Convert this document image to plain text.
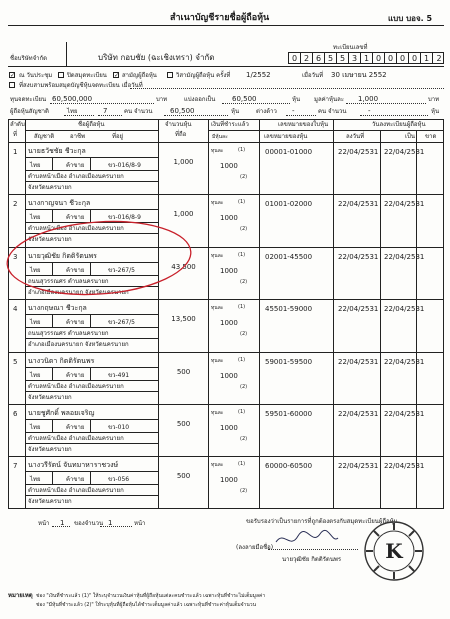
สำเนาบัญชีรายชื่อผู้ถือหุ้น	แบบ บอจ. 5
ทะเบียนเลขที่
0 2 6 5 5 3 1 0 0 0 0 1 2
ชื่อบริษัทจำกัด	บริษัท กอบชัย (ฉะเชิงเทรา) จำกัด
✓ ณ วันประชุม ปิดสมุดทะเบียน ✓ สามัญผู้ถือหุ้น	วิสามัญผู้ถือหุ้น ครั้งที่ 1/2552	เมื่อวันที่ 30 เมษายน 2552
ที่สงบสามพร้อมสมุดบัญชีหุ้นจดทะเบียน เมื่อวันที่
ทุนจดทะเบียน 60,500,000	บาท	แบ่งออกเป็น 60,500	หุ้น มูลค่าหุ้นละ 1,000	บาท
ผู้ถือหุ้นสัญชาติ	ไทย	7	คน จำนวน	60,500	หุ้น	ต่างด้าว -	คน จำนวน	-	หุ้น
ลำดับ
ที่
ชื่อผู้ถือหุ้น
สัญชาติ	อาชีพ	ที่อยู่
จำนวนหุ้น
ที่ถือ
เงินที่ชำระแล้ว
มีหุ้นละ
เลขหมายของใบหุ้น
เลขหมายของหุ้น	ลงวันที่
วันลงทะเบียนผู้ถือหุ้น
เป็น ขาด
1 นายธวัชชัย ชีวะกุล
ไทย	ค้าขาย	ขว-016/8-9
ตำบลหน้าเมือง อำเภอเมืองนครนายก
จังหวัดนครนายก
1,000
ทุนละ	(1)
1000
(2)
00001-01000	22/04/2531 22/04/2531
2 นางกาญจนา ชีวะกุล
ไทย	ค้าขาย	ขว-016/8-9
ตำบลหน้าเมือง อำเภอเมืองนครนายก
จังหวัดนครนายก
1,000
ทุนละ	(1)
1000
(2)
01001-02000	22/04/2531 22/04/2531
3 นายวุฒิชัย กิตติรัตนพร
ไทย	ค้าขาย	ขว-267/5
ถนนสุวรรณศร ตำบลนครนายก
อำเภอเมืองนครนายก จังหวัดนครนายก
43,500
ทุนละ	(1)
1000
(2)
02001-45500	22/04/2531 22/04/2531
4 นางกฤษณา ชีวะกุล
ไทย	ค้าขาย	ขว-267/5
ถนนสุวรรณศร ตำบลนครนายก
อำเภอเมืองนครนายก จังหวัดนครนายก
13,500
ทุนละ	(1)
1000
(2)
45501-59000	22/04/2531 22/04/2531
5 นางวนิดา กิตติรัตนพร
ไทย	ค้าขาย	ขว-491
ตำบลหน้าเมือง อำเภอเมืองนครนายก
จังหวัดนครนายก
500
ทุนละ	(1)
1000
(2)
59001-59500	22/04/2531 22/04/2531
6 นายชูศักดิ์ พลอยเจริญ
ไทย	ค้าขาย	ขว-010
ตำบลหน้าเมือง อำเภอเมืองนครนายก
จังหวัดนครนายก
500
ทุนละ	(1)
1000
(2)
59501-60000	22/04/2531 22/04/2531
7 นางวรีรัตน์ จันทมาหาราชวงษ์
ไทย	ค้าขาย	ขว-056
ตำบลหน้าเมือง อำเภอเมืองนครนายก
จังหวัดนครนายก
500
ทุนละ	(1)
1000
(2)
60000-60500	22/04/2531 22/04/2531
หน้า 1 ของจำนวน 1	หน้า	ขอรับรองว่าเป็นรายการที่ถูกต้องตรงกับสมุดทะเบียนผู้ถือหุ้น
(ลงลายมือชื่อ)
นายวุฒิชัย กิตติรัตนพร K
หมายเหตุ ช่อง "เงินที่ชำระแล้ว (1)" ให้ระบุจำนวนเงินค่าหุ้นที่ผู้ถือหุ้นแต่ละคนชำระแล้ว เฉพาะหุ้นที่ชำระไม่เต็มมูลค่า
ช่อง "มีหุ้นที่ชำระแล้ว (2)" ให้ระบุหุ้นที่ผู้ถือหุ้นได้ชำระเต็มมูลค่าแล้ว เฉพาะหุ้นที่ชำระค่าหุ้นเต็มจำนวน
